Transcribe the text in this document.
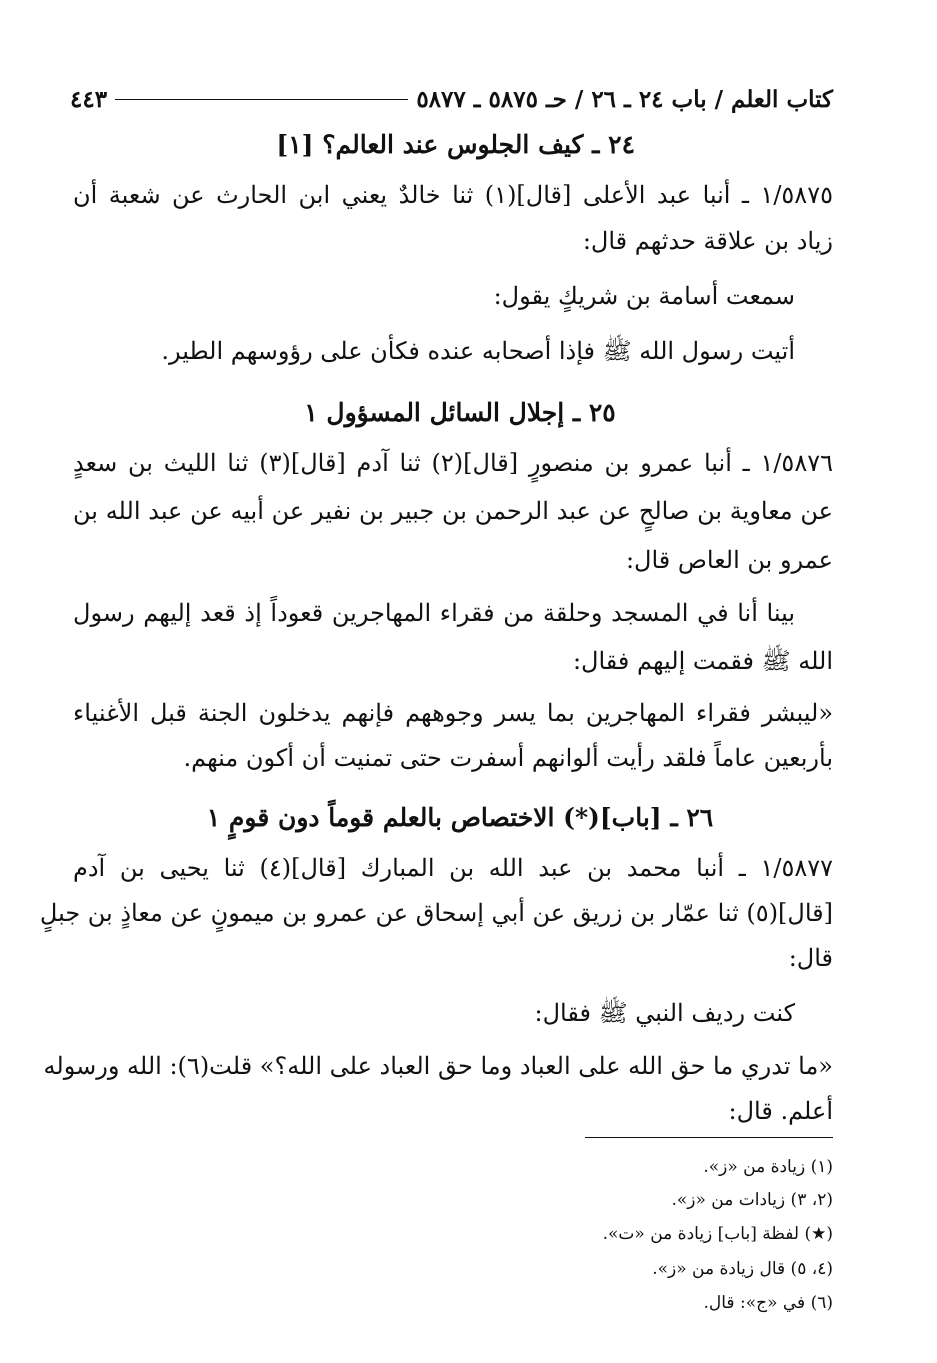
كتاب العلم / باب ٢٤ ـ ٢٦ / حـ ٥٨٧٥ ـ ٥٨٧٧
٤٤٣
٢٤ ـ كيف الجلوس عند العالم؟ [١]
١/٥٨٧٥ ـ أنبا عبد الأعلى [قال](١) ثنا خالدٌ يعني ابن الحارث عن شعبة أن
زياد بن علاقة حدثهم قال:
سمعت أسامة بن شريكٍ يقول:
أتيت رسول الله ﷺ فإذا أصحابه عنده فكأن على رؤوسهم الطير.
٢٥ ـ إجلال السائل المسؤول ١
١/٥٨٧٦ ـ أنبا عمرو بن منصورٍ [قال](٢) ثنا آدم [قال](٣) ثنا الليث بن سعدٍ
عن معاوية بن صالحٍ عن عبد الرحمن بن جبير بن نفير عن أبيه عن عبد الله بن
عمرو بن العاص قال:
بينا أنا في المسجد وحلقة من فقراء المهاجرين قعوداً إذ قعد إليهم رسول
الله ﷺ فقمت إليهم فقال:
«ليبشر فقراء المهاجرين بما يسر وجوههم فإنهم يدخلون الجنة قبل الأغنياء
بأربعين عاماً فلقد رأيت ألوانهم أسفرت حتى تمنيت أن أكون منهم.
٢٦ ـ [باب](*) الاختصاص بالعلم قوماً دون قومٍ ١
١/٥٨٧٧ ـ أنبا محمد بن عبد الله بن المبارك [قال](٤) ثنا يحيى بن آدم
[قال](٥) ثنا عمّار بن زريق عن أبي إسحاق عن عمرو بن ميمونٍ عن معاذٍ بن جبلٍ
قال:
كنت رديف النبي ﷺ فقال:
«ما تدري ما حق الله على العباد وما حق العباد على الله؟» قلت(٦): الله ورسوله
أعلم. قال:
(١) زيادة من «ز».
(٢، ٣) زيادات من «ز».
(★) لفظة [باب] زيادة من «ت».
(٤، ٥) قال زيادة من «ز».
(٦) في «ج»: قال.
